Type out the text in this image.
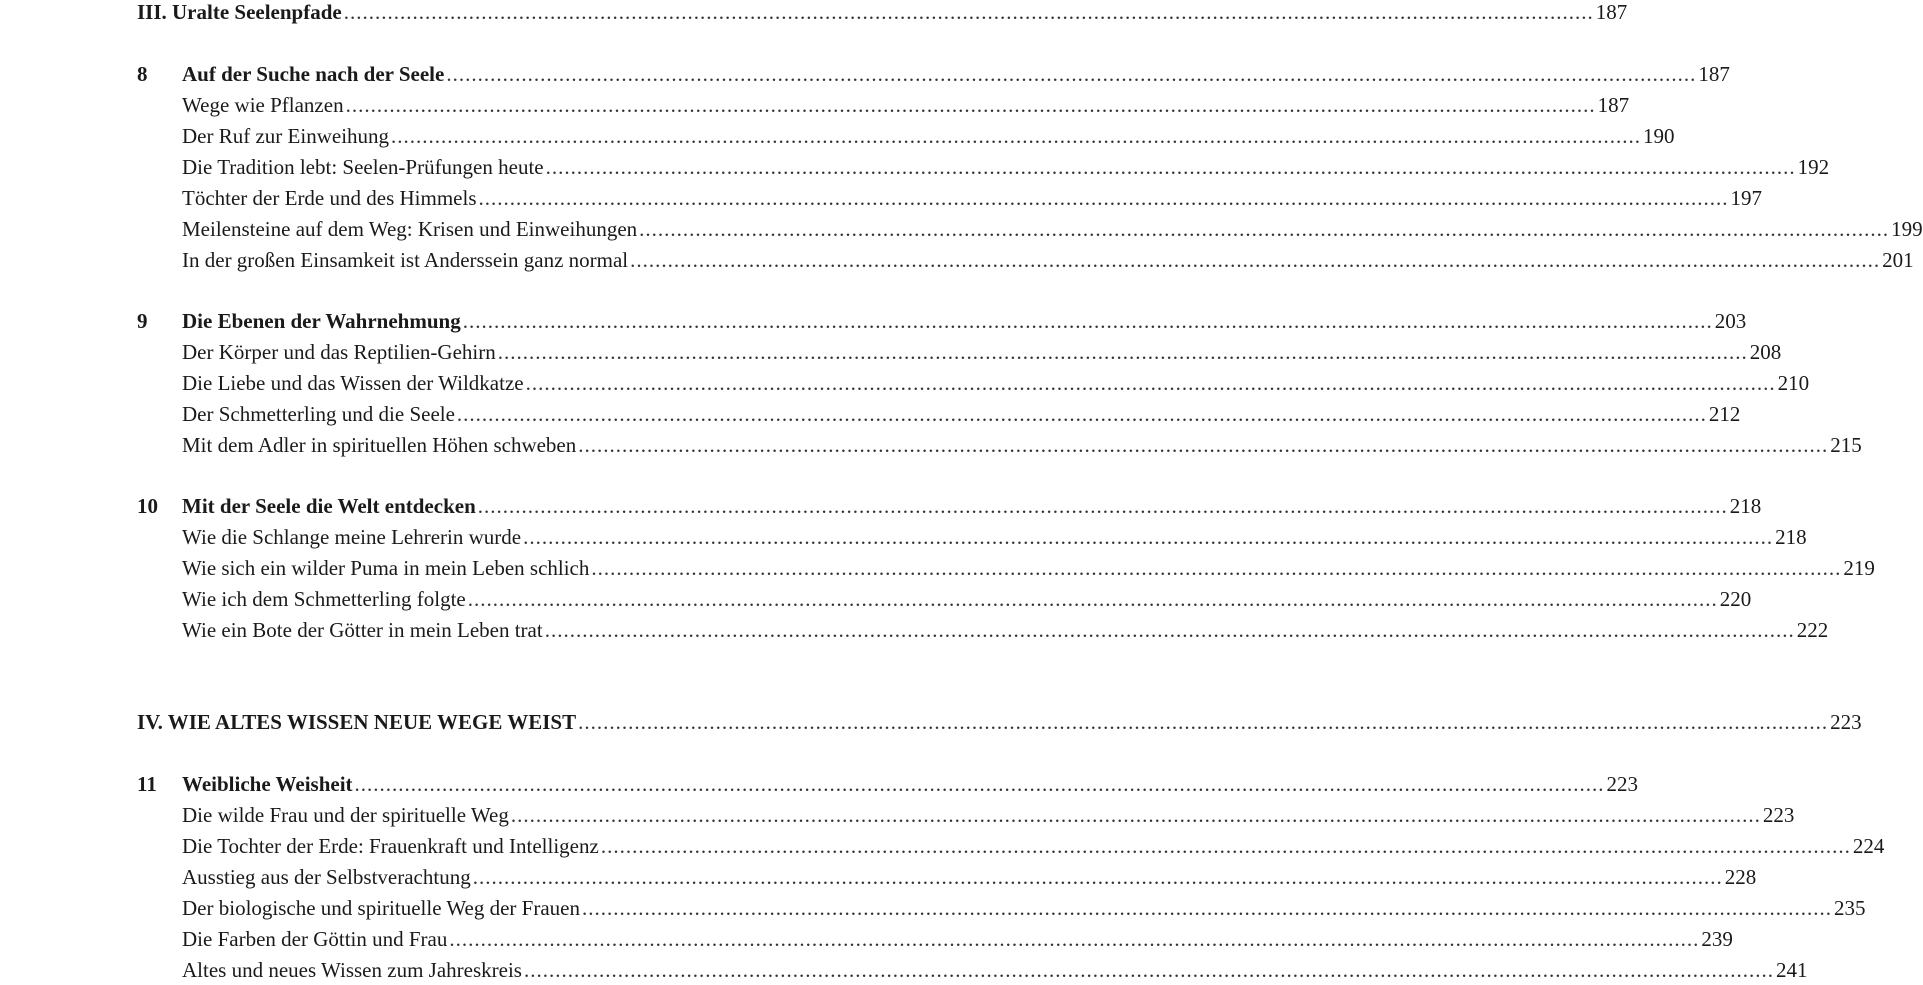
III. Uralte Seelenpfade ........................................................................................................................................................................................................ 187
8	Auf der Suche nach der Seele ........................................................................................................................................................................................................ 187
Wege wie Pflanzen ........................................................................................................................................................................................................ 187
Der Ruf zur Einweihung ........................................................................................................................................................................................................ 190
Die Tradition lebt: Seelen-Prüfungen heute ........................................................................................................................................................................................................ 192
Töchter der Erde und des Himmels ........................................................................................................................................................................................................ 197
Meilensteine auf dem Weg: Krisen und Einweihungen ........................................................................................................................................................................................................ 199
In der großen Einsamkeit ist Anderssein ganz normal ........................................................................................................................................................................................................ 201
9	Die Ebenen der Wahrnehmung ........................................................................................................................................................................................................ 203
Der Körper und das Reptilien-Gehirn ........................................................................................................................................................................................................ 208
Die Liebe und das Wissen der Wildkatze ........................................................................................................................................................................................................ 210
Der Schmetterling und die Seele ........................................................................................................................................................................................................ 212
Mit dem Adler in spirituellen Höhen schweben ........................................................................................................................................................................................................ 215
10	Mit der Seele die Welt entdecken ........................................................................................................................................................................................................ 218
Wie die Schlange meine Lehrerin wurde ........................................................................................................................................................................................................ 218
Wie sich ein wilder Puma in mein Leben schlich ........................................................................................................................................................................................................ 219
Wie ich dem Schmetterling folgte ........................................................................................................................................................................................................ 220
Wie ein Bote der Götter in mein Leben trat ........................................................................................................................................................................................................ 222
IV. WIE ALTES WISSEN NEUE WEGE WEIST ........................................................................................................................................................................................................ 223
11	Weibliche Weisheit ........................................................................................................................................................................................................ 223
Die wilde Frau und der spirituelle Weg ........................................................................................................................................................................................................ 223
Die Tochter der Erde: Frauenkraft und Intelligenz ........................................................................................................................................................................................................ 224
Ausstieg aus der Selbstverachtung ........................................................................................................................................................................................................ 228
Der biologische und spirituelle Weg der Frauen ........................................................................................................................................................................................................ 235
Die Farben der Göttin und Frau ........................................................................................................................................................................................................ 239
Altes und neues Wissen zum Jahreskreis ........................................................................................................................................................................................................ 241
